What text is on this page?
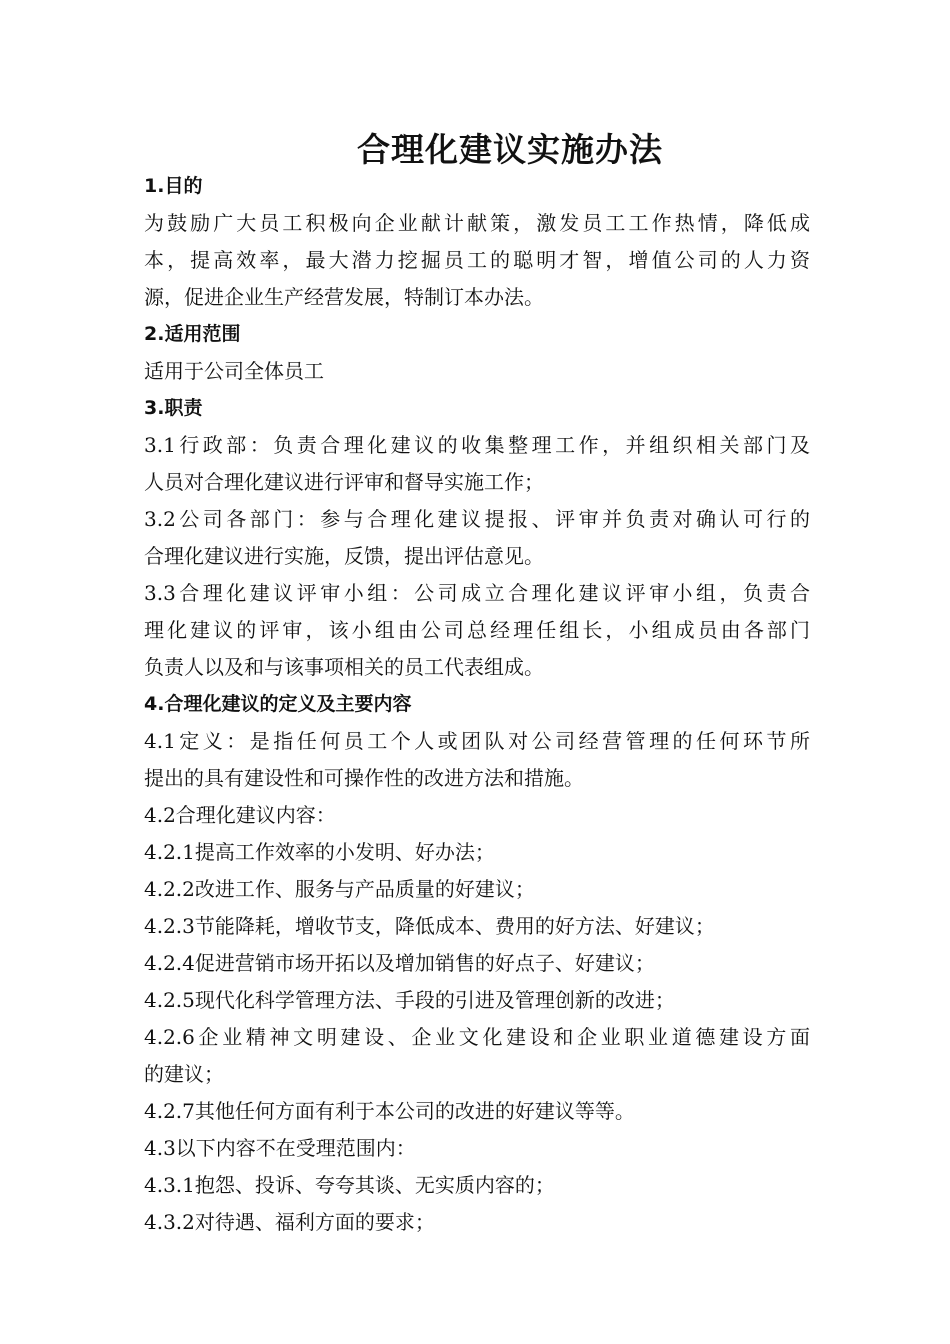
合理化建议实施办法

1.目的

为鼓励广大员工积极向企业献计献策，激发员工工作热情，降低成

本，提高效率，最大潜力挖掘员工的聪明才智，增值公司的人力资

源，促进企业生产经营发展，特制订本办法。

2.适用范围

适用于公司全体员工

3.职责

3.1行政部：负责合理化建议的收集整理工作，并组织相关部门及

人员对合理化建议进行评审和督导实施工作；

3.2公司各部门：参与合理化建议提报、评审并负责对确认可行的

合理化建议进行实施，反馈，提出评估意见。

3.3合理化建议评审小组：公司成立合理化建议评审小组，负责合

理化建议的评审，该小组由公司总经理任组长，小组成员由各部门

负责人以及和与该事项相关的员工代表组成。

4.合理化建议的定义及主要内容

4.1定义：是指任何员工个人或团队对公司经营管理的任何环节所

提出的具有建设性和可操作性的改进方法和措施。

4.2合理化建议内容：

4.2.1提高工作效率的小发明、好办法；

4.2.2改进工作、服务与产品质量的好建议；

4.2.3节能降耗，增收节支，降低成本、费用的好方法、好建议；

4.2.4促进营销市场开拓以及增加销售的好点子、好建议；

4.2.5现代化科学管理方法、手段的引进及管理创新的改进；

4.2.6企业精神文明建设、企业文化建设和企业职业道德建设方面

的建议；

4.2.7其他任何方面有利于本公司的改进的好建议等等。

4.3以下内容不在受理范围内：

4.3.1抱怨、投诉、夸夸其谈、无实质内容的；

4.3.2对待遇、福利方面的要求；
